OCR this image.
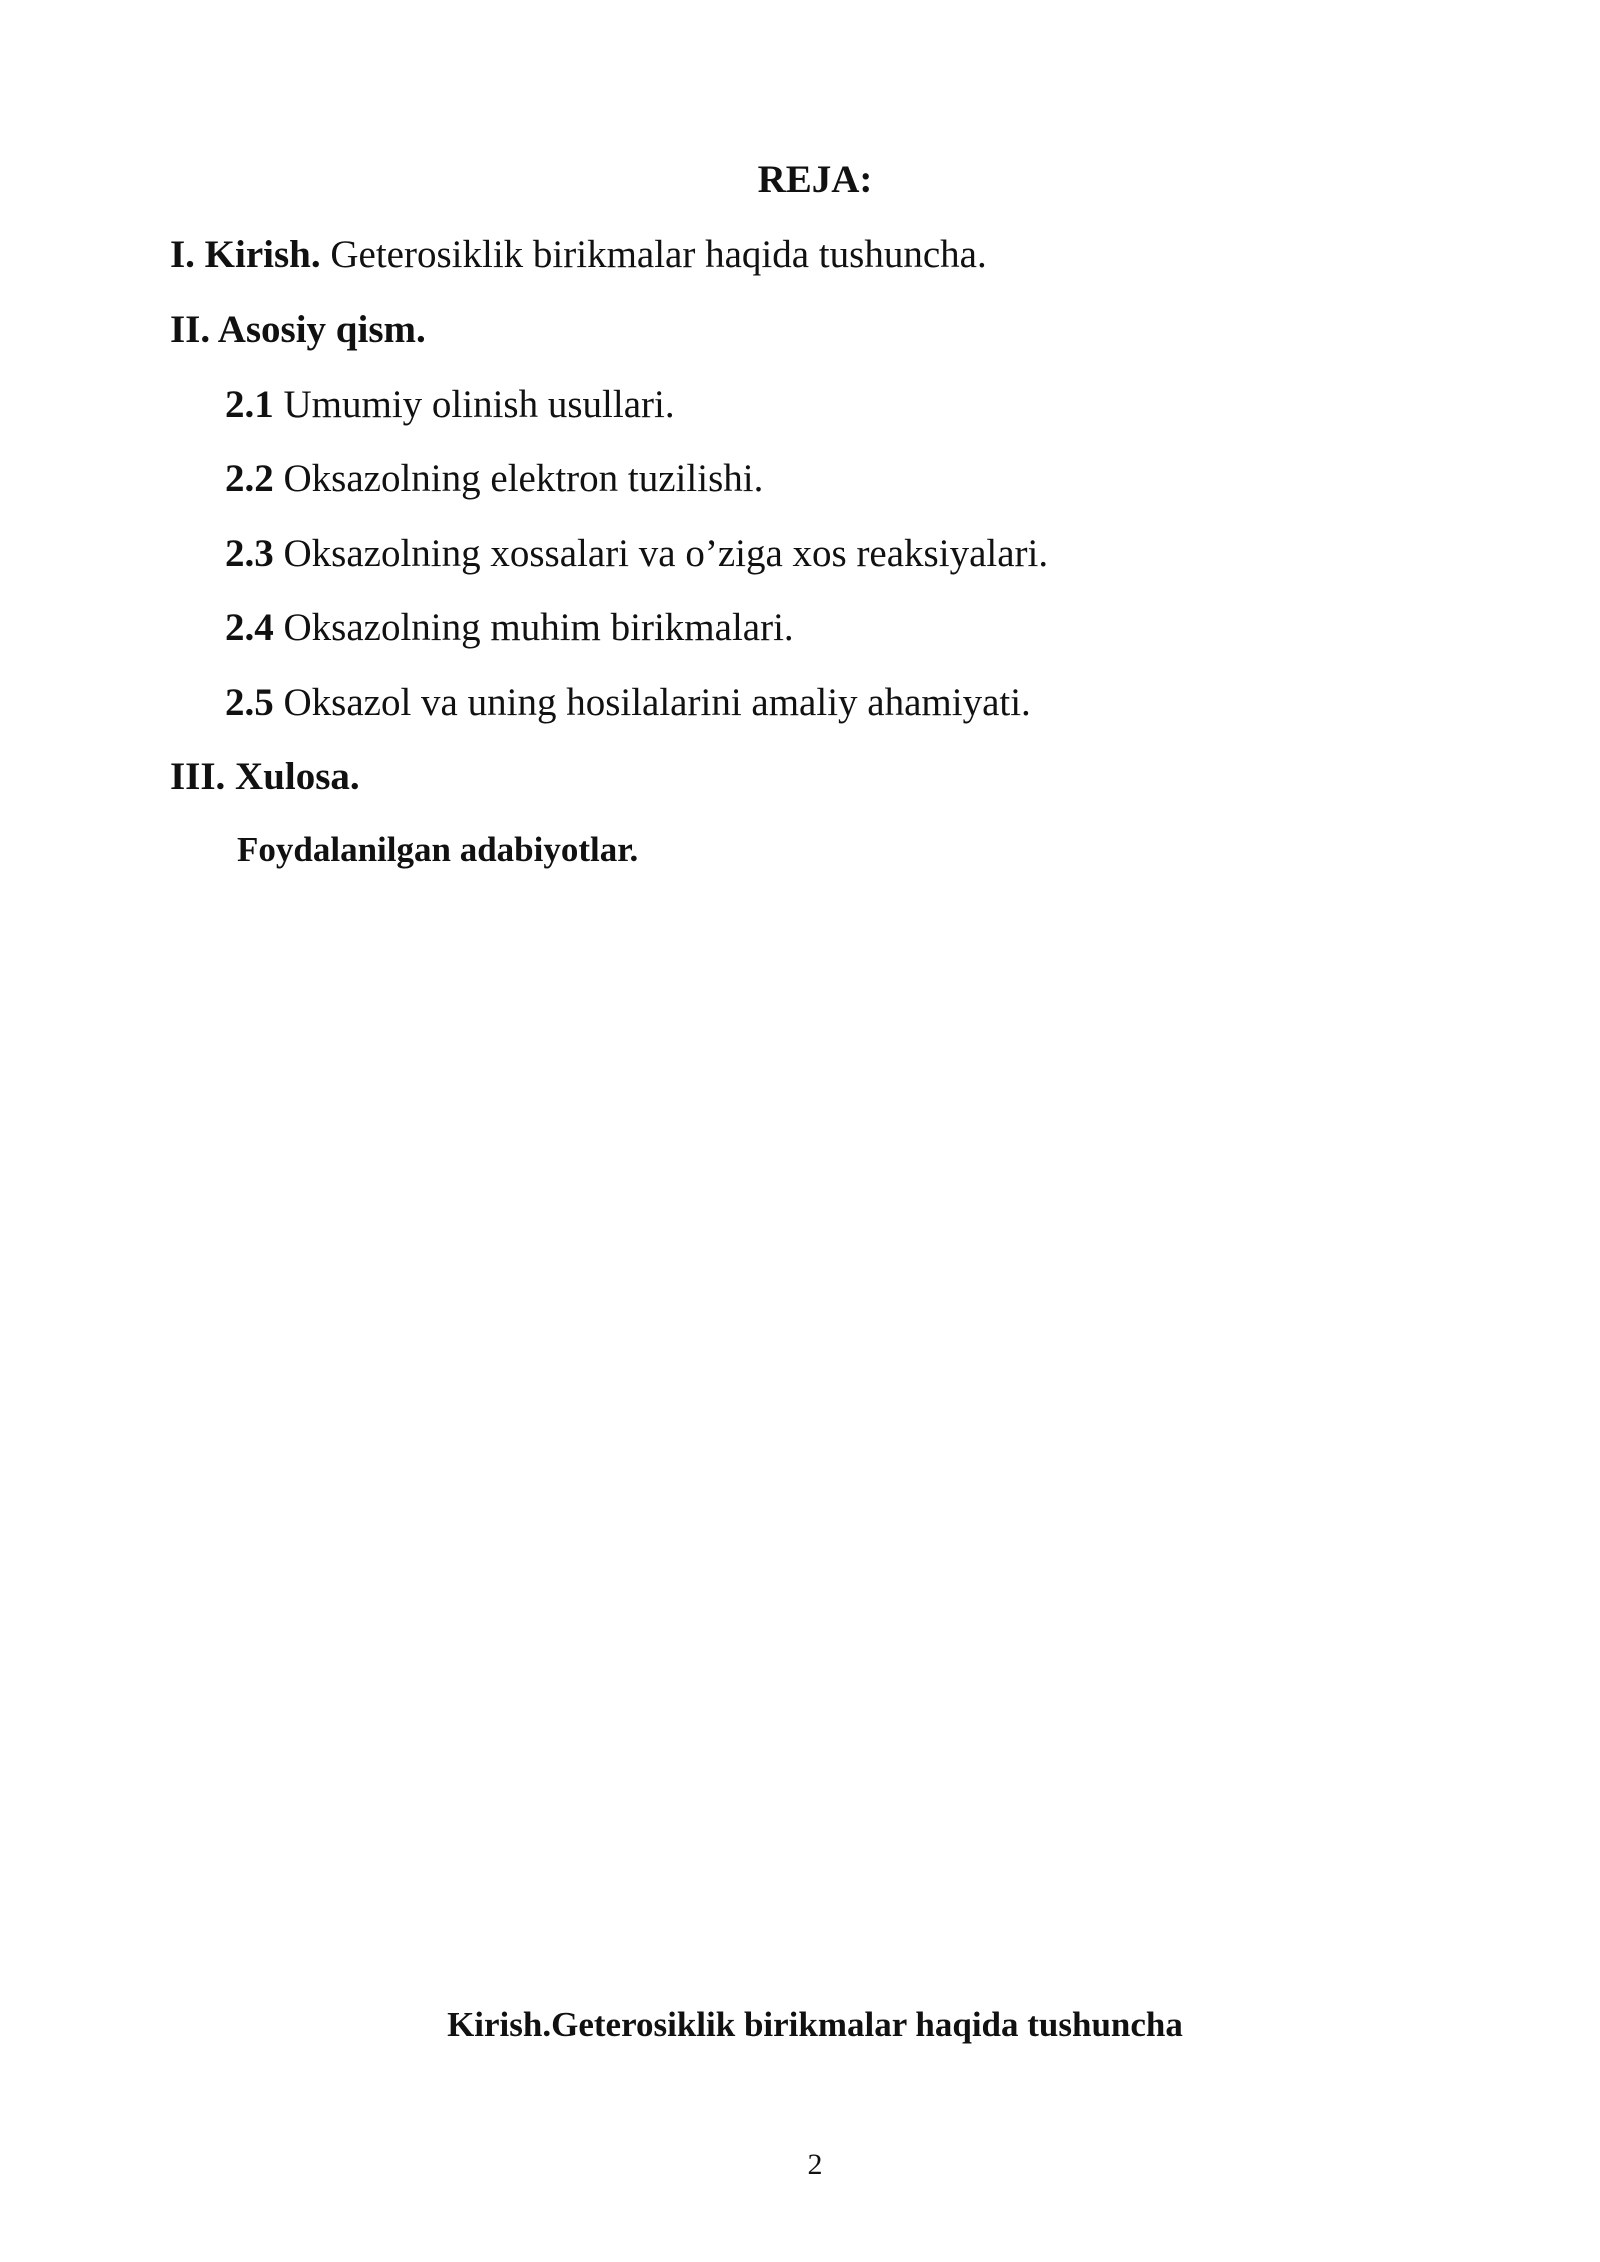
REJA:
I. Kirish. Geterosiklik birikmalar haqida tushuncha.
II. Asosiy qism.
2.1 Umumiy olinish usullari.
2.2 Oksazolning elektron tuzilishi.
2.3 Oksazolning xossalari va o’ziga xos reaksiyalari.
2.4 Oksazolning muhim birikmalari.
2.5 Oksazol va uning hosilalarini amaliy ahamiyati.
III. Xulosa.
Foydalanilgan adabiyotlar.
Kirish.Geterosiklik birikmalar haqida tushuncha
2
